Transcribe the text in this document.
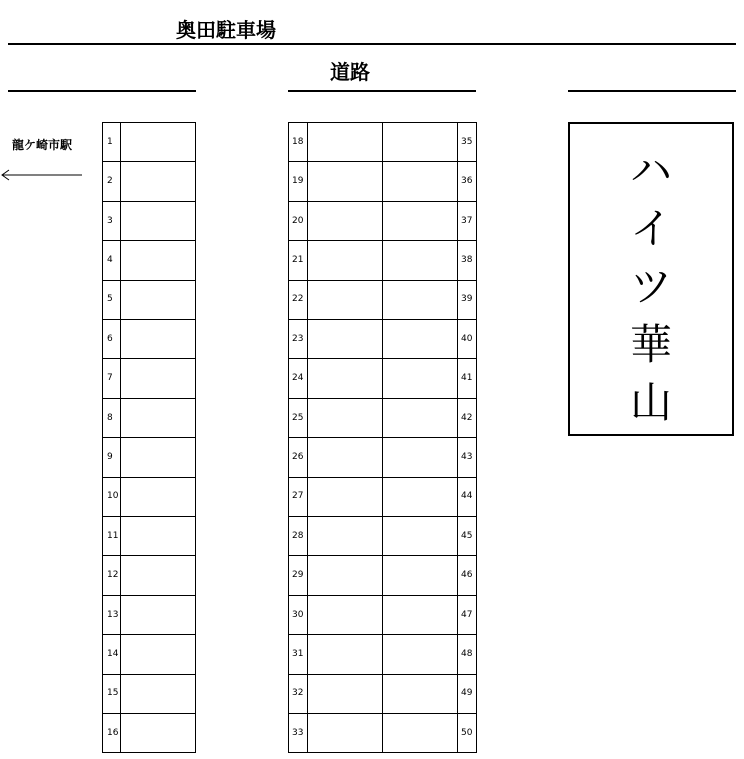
奥田駐車場
道路
龍ケ崎市駅	1
2
3
4
5
6
7
8
9
10
11
12
13
14
15
16
18
19
20
21
22
23
24
25
26
27
28
29
30
31
32
33
35
36
37
38
39
40
41
42
43
44
45
46
47
48
49
50
ハ
イ
ツ
華
山
